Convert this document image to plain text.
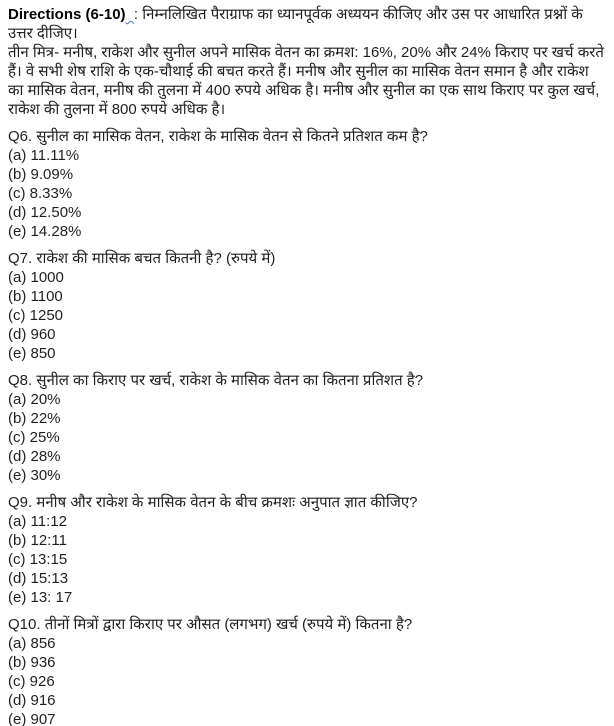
Directions (6-10) : निम्नलिखित पैराग्राफ का ध्यानपूर्वक अध्ययन कीजिए और उस पर आधारित प्रश्नों के उत्तर दीजिए।

तीन मित्र- मनीष, राकेश और सुनील अपने मासिक वेतन का क्रमश: 16%, 20% और 24% किराए पर खर्च करते हैं। वे सभी शेष राशि के एक-चौथाई की बचत करते हैं। मनीष और सुनील का मासिक वेतन समान है और राकेश का मासिक वेतन, मनीष की तुलना में 400 रुपये अधिक है। मनीष और सुनील का एक साथ किराए पर कुल खर्च, राकेश की तुलना में 800 रुपये अधिक है।

Q6. सुनील का मासिक वेतन, राकेश के मासिक वेतन से कितने प्रतिशत कम है?

(a) 11.11%

(b) 9.09%

(c) 8.33%

(d) 12.50%

(e) 14.28%

Q7. राकेश की मासिक बचत कितनी है? (रुपये में)

(a) 1000

(b) 1100

(c) 1250

(d) 960

(e) 850

Q8. सुनील का किराए पर खर्च, राकेश के मासिक वेतन का कितना प्रतिशत है?

(a) 20%

(b) 22%

(c) 25%

(d) 28%

(e) 30%

Q9. मनीष और राकेश के मासिक वेतन के बीच क्रमशः अनुपात ज्ञात कीजिए?

(a) 11:12

(b) 12:11

(c) 13:15

(d) 15:13

(e) 13: 17

Q10. तीनों मित्रों द्वारा किराए पर औसत (लगभग) खर्च (रुपये में) कितना है?

(a) 856

(b) 936

(c) 926

(d) 916

(e) 907
